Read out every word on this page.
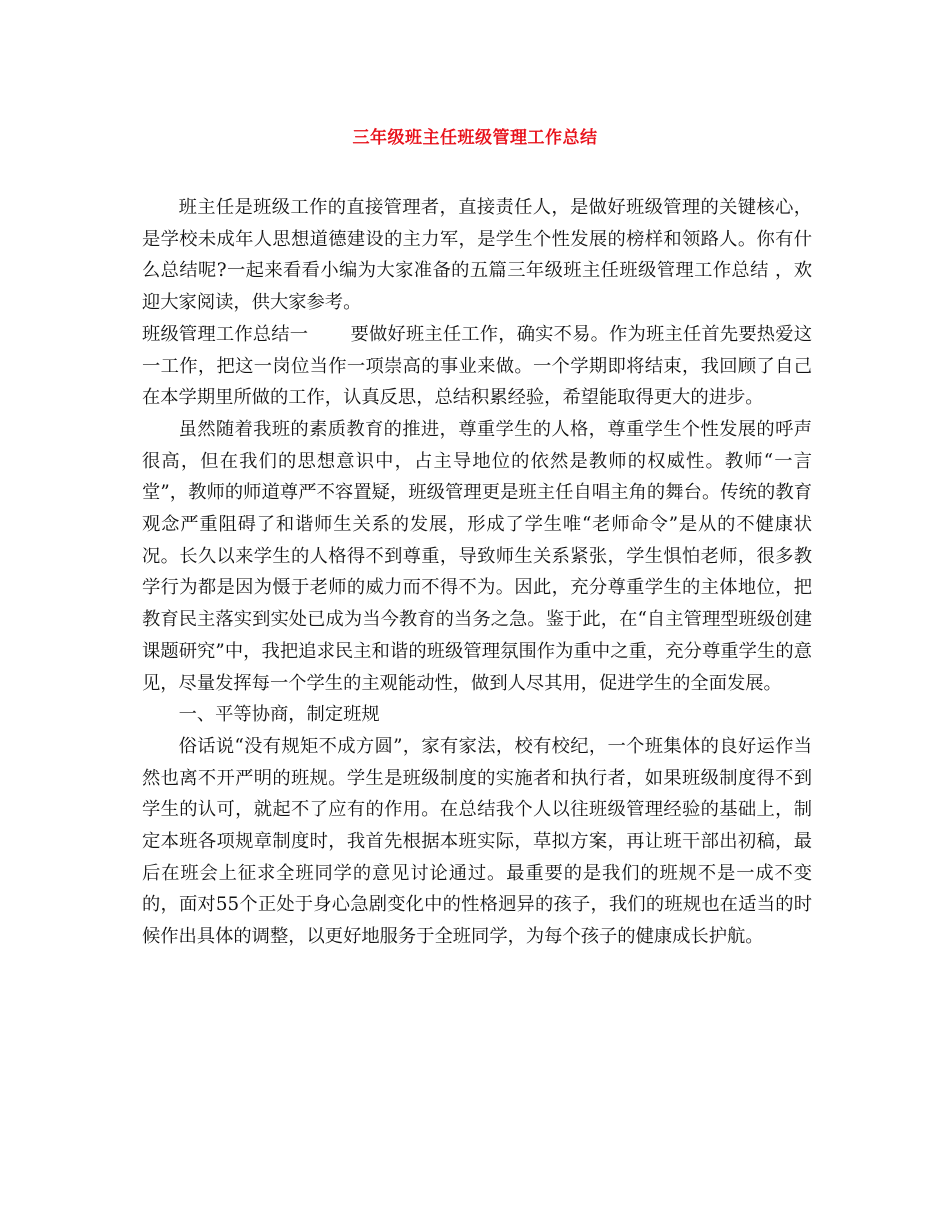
三年级班主任班级管理工作总结

班主任是班级工作的直接管理者，直接责任人，是做好班级管理的关键核心，是学校未成年人思想道德建设的主力军，是学生个性发展的榜样和领路人。你有什么总结呢?一起来看看小编为大家准备的五篇三年级班主任班级管理工作总结 ，欢迎大家阅读，供大家参考。

班级管理工作总结一 要做好班主任工作，确实不易。作为班主任首先要热爱这一工作，把这一岗位当作一项崇高的事业来做。一个学期即将结束，我回顾了自己在本学期里所做的工作，认真反思，总结积累经验，希望能取得更大的进步。

虽然随着我班的素质教育的推进，尊重学生的人格，尊重学生个性发展的呼声很高，但在我们的思想意识中，占主导地位的依然是教师的权威性。教师“一言堂”，教师的师道尊严不容置疑，班级管理更是班主任自唱主角的舞台。传统的教育观念严重阻碍了和谐师生关系的发展，形成了学生唯“老师命令”是从的不健康状况。长久以来学生的人格得不到尊重，导致师生关系紧张，学生惧怕老师，很多教学行为都是因为慑于老师的威力而不得不为。因此，充分尊重学生的主体地位，把教育民主落实到实处已成为当今教育的当务之急。鉴于此，在“自主管理型班级创建课题研究”中，我把追求民主和谐的班级管理氛围作为重中之重，充分尊重学生的意见，尽量发挥每一个学生的主观能动性，做到人尽其用，促进学生的全面发展。

一、平等协商，制定班规

俗话说“没有规矩不成方圆”，家有家法，校有校纪，一个班集体的良好运作当然也离不开严明的班规。学生是班级制度的实施者和执行者，如果班级制度得不到学生的认可，就起不了应有的作用。在总结我个人以往班级管理经验的基础上，制定本班各项规章制度时，我首先根据本班实际，草拟方案，再让班干部出初稿，最后在班会上征求全班同学的意见讨论通过。最重要的是我们的班规不是一成不变的，面对55个正处于身心急剧变化中的性格迥异的孩子，我们的班规也在适当的时候作出具体的调整，以更好地服务于全班同学，为每个孩子的健康成长护航。
